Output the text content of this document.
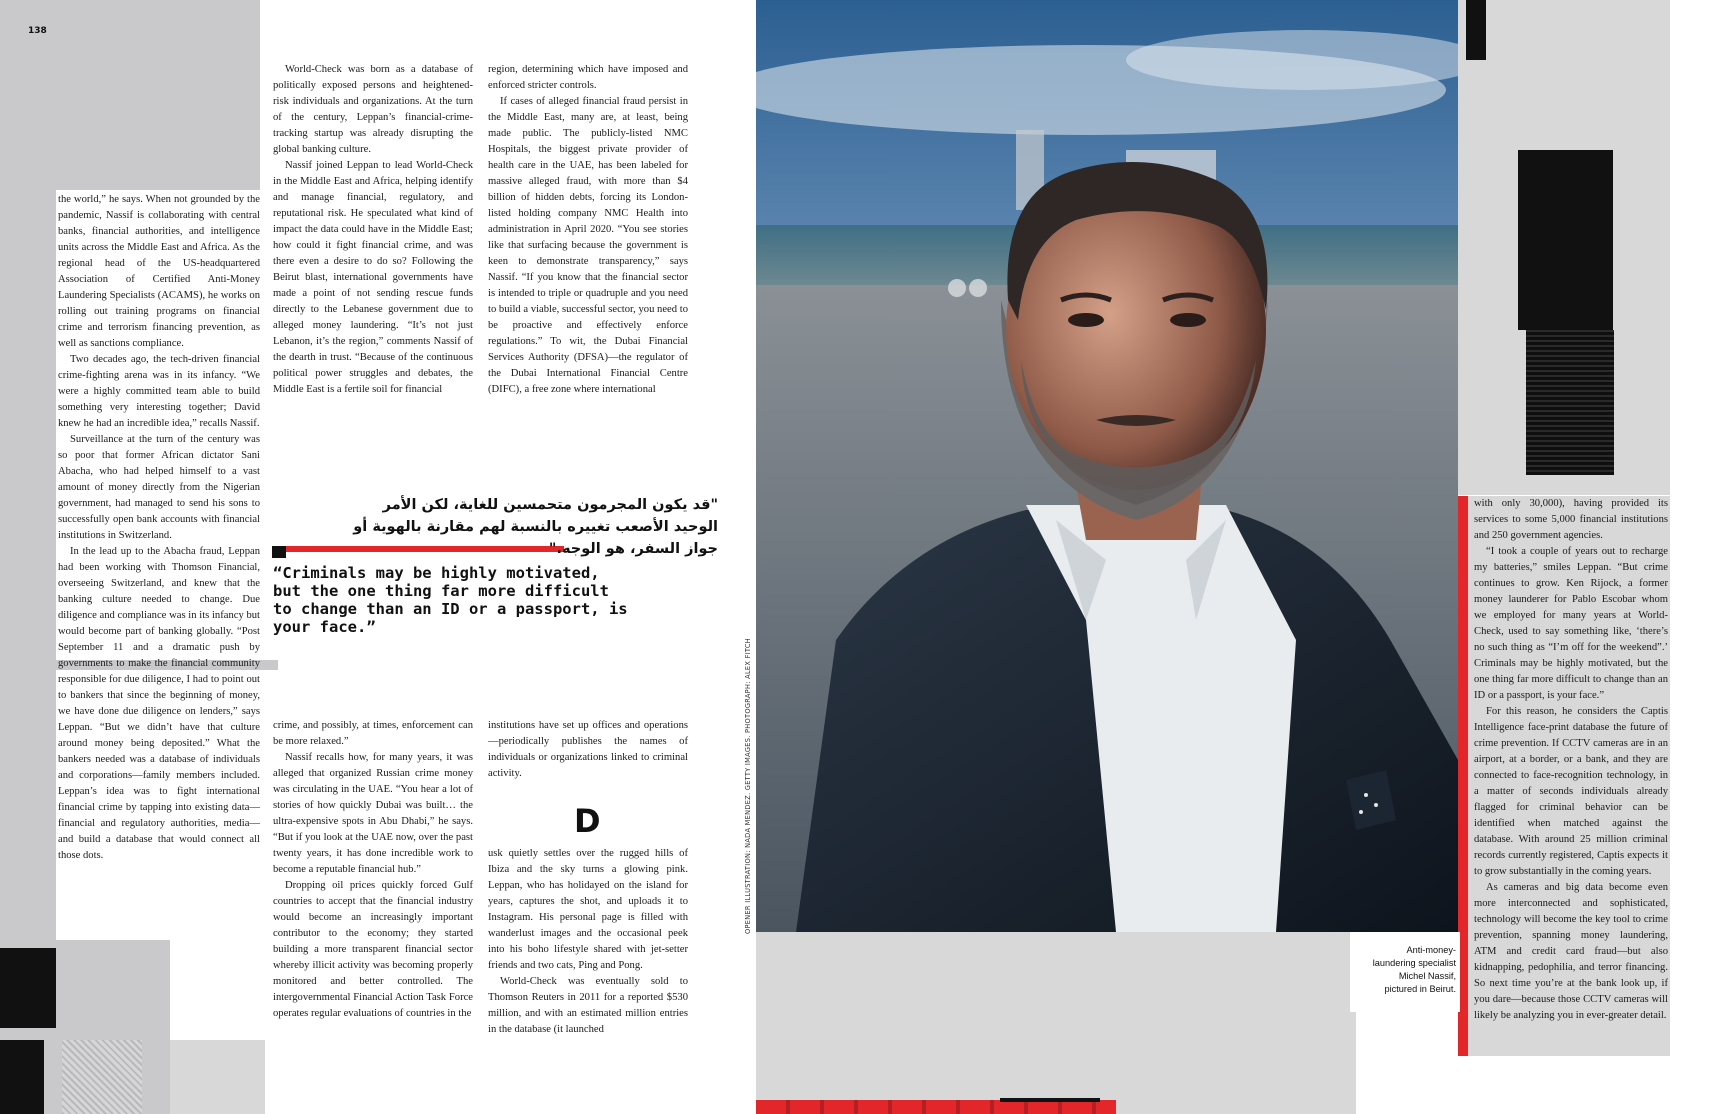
138

the world,” he says. When not grounded by the pandemic, Nassif is collaborating with central banks, financial authorities, and intelligence units across the Middle East and Africa. As the regional head of the US-headquartered Association of Certified Anti-Money Laundering Specialists (ACAMS), he works on rolling out training programs on financial crime and terrorism financing prevention, as well as sanctions compliance.

Two decades ago, the tech-driven financial crime-fighting arena was in its infancy. “We were a highly committed team able to build something very interesting together; David knew he had an incredible idea,” recalls Nassif.

Surveillance at the turn of the century was so poor that former African dictator Sani Abacha, who had helped himself to a vast amount of money directly from the Nigerian government, had managed to send his sons to successfully open bank accounts with financial institutions in Switzerland.

In the lead up to the Abacha fraud, Leppan had been working with Thomson Financial, overseeing Switzerland, and knew that the banking culture needed to change. Due diligence and compliance was in its infancy but would become part of banking globally. “Post September 11 and a dramatic push by governments to make the financial community responsible for due diligence, I had to point out to bankers that since the beginning of money, we have done due diligence on lenders,” says Leppan. “But we didn’t have that culture around money being deposited.” What the bankers needed was a database of individuals and corporations—family members included. Leppan’s idea was to fight international financial crime by tapping into existing data—financial and regulatory authorities, media—and build a database that would connect all those dots.

World-Check was born as a database of politically exposed persons and heightened-risk individuals and organizations. At the turn of the century, Leppan’s financial-crime-tracking startup was already disrupting the global banking culture.

Nassif joined Leppan to lead World-Check in the Middle East and Africa, helping identify and manage financial, regulatory, and reputational risk. He speculated what kind of impact the data could have in the Middle East; how could it fight financial crime, and was there even a desire to do so? Following the Beirut blast, international governments have made a point of not sending rescue funds directly to the Lebanese government due to alleged money laundering. “It’s not just Lebanon, it’s the region,” comments Nassif of the dearth in trust. “Because of the continuous political power struggles and debates, the Middle East is a fertile soil for financial

region, determining which have imposed and enforced stricter controls.

If cases of alleged financial fraud persist in the Middle East, many are, at least, being made public. The publicly-listed NMC Hospitals, the biggest private provider of health care in the UAE, has been labeled for massive alleged fraud, with more than $4 billion of hidden debts, forcing its London-listed holding company NMC Health into administration in April 2020. “You see stories like that surfacing because the government is keen to demonstrate transparency,” says Nassif. “If you know that the financial sector is intended to triple or quadruple and you need to build a viable, successful sector, you need to be proactive and effectively enforce regulations.” To wit, the Dubai Financial Services Authority (DFSA)—the regulator of the Dubai International Financial Centre (DIFC), a free zone where international

"قد يكون المجرمون متحمسين للغاية، لكن الأمر الوحيد الأصعب تغييره بالنسبة لهم مقارنة بالهوية أو جواز السفر، هو الوجه."
“Criminals may be highly motivated, but the one thing far more difficult to change than an ID or a passport, is your face.”

crime, and possibly, at times, enforcement can be more relaxed.”

Nassif recalls how, for many years, it was alleged that organized Russian crime money was circulating in the UAE. “You hear a lot of stories of how quickly Dubai was built… the ultra-expensive spots in Abu Dhabi,” he says. “But if you look at the UAE now, over the past twenty years, it has done incredible work to become a reputable financial hub.”

Dropping oil prices quickly forced Gulf countries to accept that the financial industry would become an increasingly important contributor to the economy; they started building a more transparent financial sector whereby illicit activity was becoming properly monitored and better controlled. The intergovernmental Financial Action Task Force operates regular evaluations of countries in the

institutions have set up offices and operations—periodically publishes the names of individuals or organizations linked to criminal activity.

D

usk quietly settles over the rugged hills of Ibiza and the sky turns a glowing pink. Leppan, who has holidayed on the island for years, captures the shot, and uploads it to Instagram. His personal page is filled with wanderlust images and the occasional peek into his boho lifestyle shared with jet-setter friends and two cats, Ping and Pong.

World-Check was eventually sold to Thomson Reuters in 2011 for a reported $530 million, and with an estimated million entries in the database (it launched

OPENER ILLUSTRATION: NADA MENDEZ. GETTY IMAGES. PHOTOGRAPH: ALEX FITCH
Anti-money-
laundering specialist
Michel Nassif,
pictured in Beirut.

with only 30,000), having provided its services to some 5,000 financial institutions and 250 government agencies.

“I took a couple of years out to recharge my batteries,” smiles Leppan. “But crime continues to grow. Ken Rijock, a former money launderer for Pablo Escobar whom we employed for many years at World-Check, used to say something like, ‘there’s no such thing as “I’m off for the weekend”.’ Criminals may be highly motivated, but the one thing far more difficult to change than an ID or a passport, is your face.”

For this reason, he considers the Captis Intelligence face-print database the future of crime prevention. If CCTV cameras are in an airport, at a border, or a bank, and they are connected to face-recognition technology, in a matter of seconds individuals already flagged for criminal behavior can be identified when matched against the database. With around 25 million criminal records currently registered, Captis expects it to grow substantially in the coming years.

As cameras and big data become even more interconnected and sophisticated, technology will become the key tool to crime prevention, spanning money laundering, ATM and credit card fraud—but also kidnapping, pedophilia, and terror financing. So next time you’re at the bank look up, if you dare—because those CCTV cameras will likely be analyzing you in ever-greater detail.
